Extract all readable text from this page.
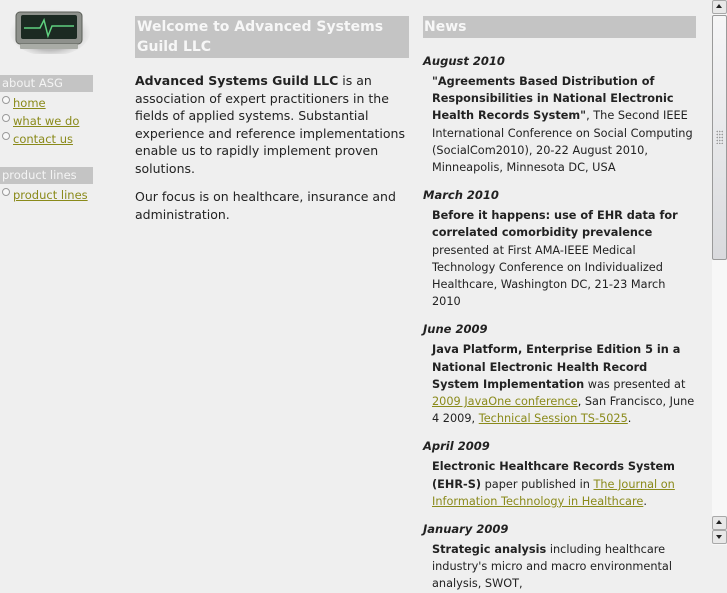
about ASG
home
what we do
contact us
product lines
product lines
Welcome to Advanced Systems Guild LLC

Advanced Systems Guild LLC is an association of expert practitioners in the fields of applied systems. Substantial experience and reference implementations enable us to rapidly implement proven solutions.

Our focus is on healthcare, insurance and administration.

News
August 2010
"Agreements Based Distribution of Responsibilities in National Electronic Health Records System", The Second IEEE International Conference on Social Computing (SocialCom2010), 20-22 August 2010, Minneapolis, Minnesota DC, USA
March 2010
Before it happens: use of EHR data for correlated comorbidity prevalence presented at First AMA-IEEE Medical Technology Conference on Individualized Healthcare, Washington DC, 21-23 March 2010
June 2009
Java Platform, Enterprise Edition 5 in a National Electronic Health Record System Implementation was presented at 2009 JavaOne conference, San Francisco, June 4 2009, Technical Session TS-5025.
April 2009
Electronic Healthcare Records System (EHR-S) paper published in The Journal on Information Technology in Healthcare.
January 2009
Strategic analysis including healthcare industry's micro and macro environmental analysis, SWOT,
